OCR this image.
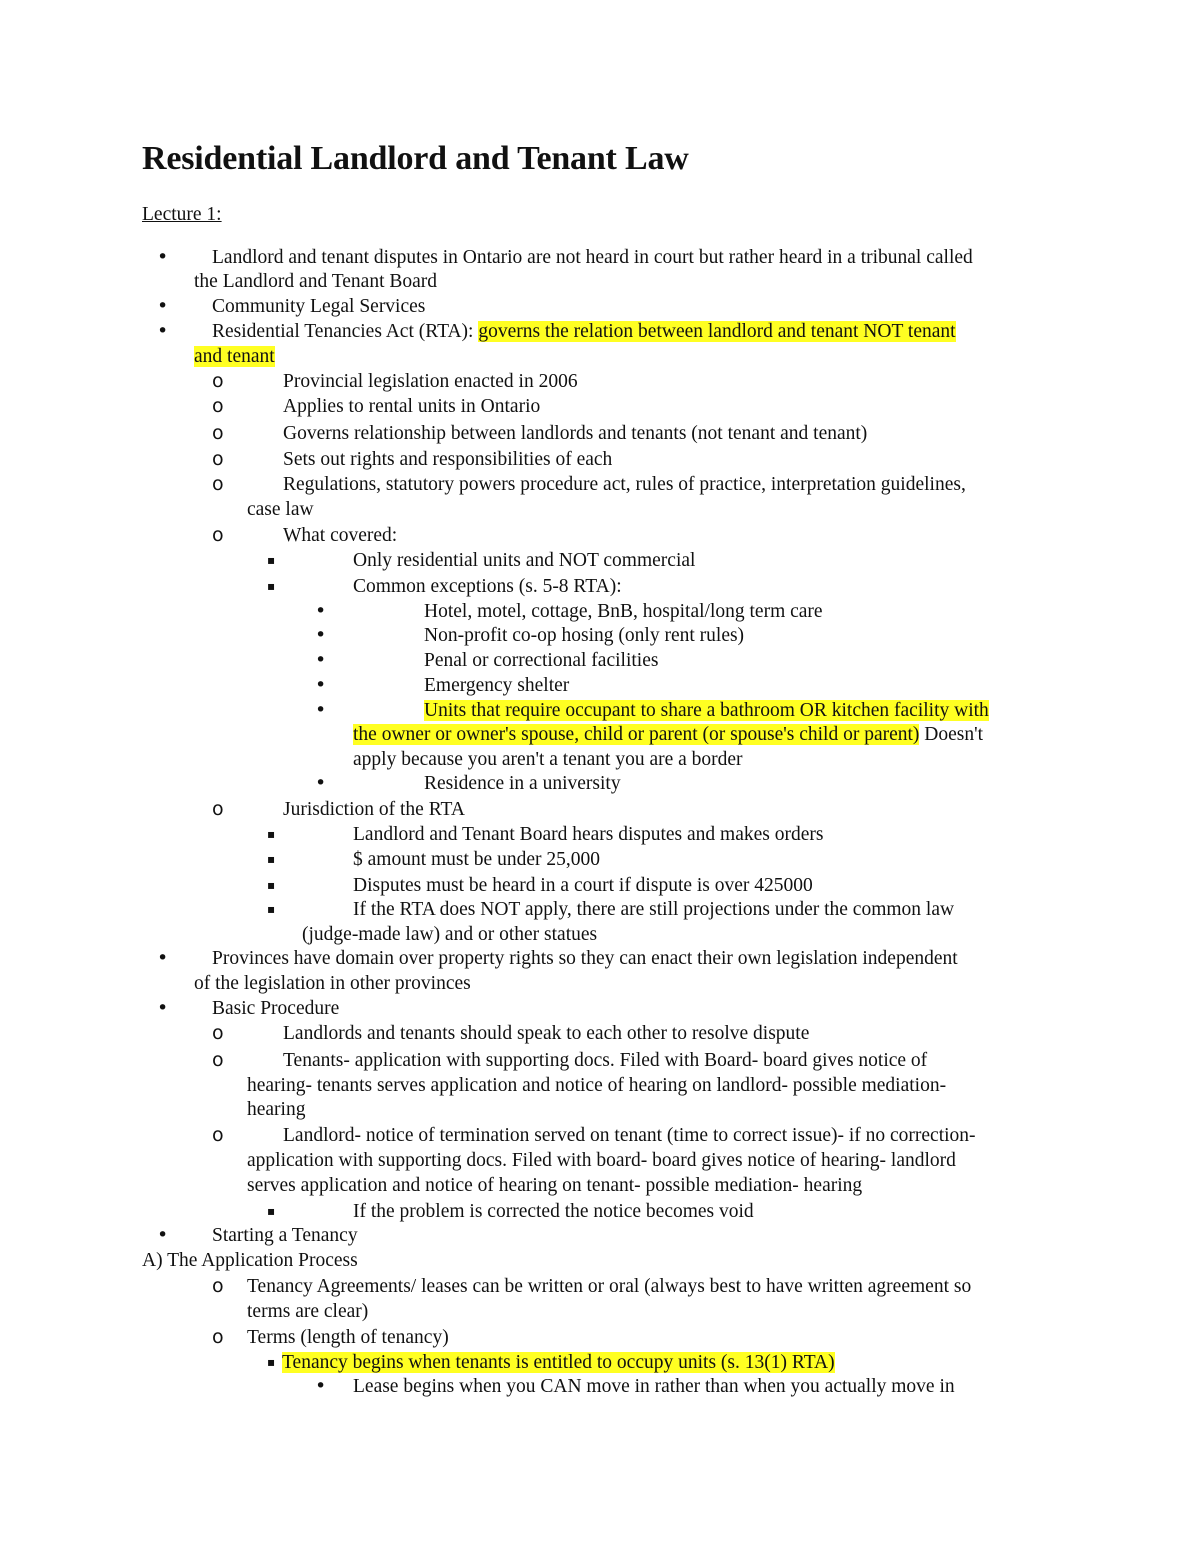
Residential Landlord and Tenant Law
Lecture 1:
• Landlord and tenant disputes in Ontario are not heard in court but rather heard in a tribunal called
the Landlord and Tenant Board
• Community Legal Services
• Residential Tenancies Act (RTA): governs the relation between landlord and tenant NOT tenant
and tenant
o	Provincial legislation enacted in 2006
o	Applies to rental units in Ontario
o	Governs relationship between landlords and tenants (not tenant and tenant)
o	Sets out rights and responsibilities of each
o	Regulations, statutory powers procedure act, rules of practice, interpretation guidelines,
case law
o	What covered:
▪	Only residential units and NOT commercial
▪	Common exceptions (s. 5-8 RTA):
•	Hotel, motel, cottage, BnB, hospital/long term care
•	Non-profit co-op hosing (only rent rules)
•	Penal or correctional facilities
•	Emergency shelter
•	Units that require occupant to share a bathroom OR kitchen facility with
the owner or owner's spouse, child or parent (or spouse's child or parent) Doesn't
apply because you aren't a tenant you are a border
•	Residence in a university
o	Jurisdiction of the RTA
▪	Landlord and Tenant Board hears disputes and makes orders
▪	$ amount must be under 25,000
▪	Disputes must be heard in a court if dispute is over 425000
▪	If the RTA does NOT apply, there are still projections under the common law
(judge-made law) and or other statues
• Provinces have domain over property rights so they can enact their own legislation independent
of the legislation in other provinces
• Basic Procedure
o	Landlords and tenants should speak to each other to resolve dispute
o	Tenants- application with supporting docs. Filed with Board- board gives notice of
hearing- tenants serves application and notice of hearing on landlord- possible mediation-
hearing
o	Landlord- notice of termination served on tenant (time to correct issue)- if no correction-
application with supporting docs. Filed with board- board gives notice of hearing- landlord
serves application and notice of hearing on tenant- possible mediation- hearing
▪	If the problem is corrected the notice becomes void
• Starting a Tenancy
A) The Application Process
o Tenancy Agreements/ leases can be written or oral (always best to have written agreement so
terms are clear)
o Terms (length of tenancy)
▪ Tenancy begins when tenants is entitled to occupy units (s. 13(1) RTA)
• Lease begins when you CAN move in rather than when you actually move in
